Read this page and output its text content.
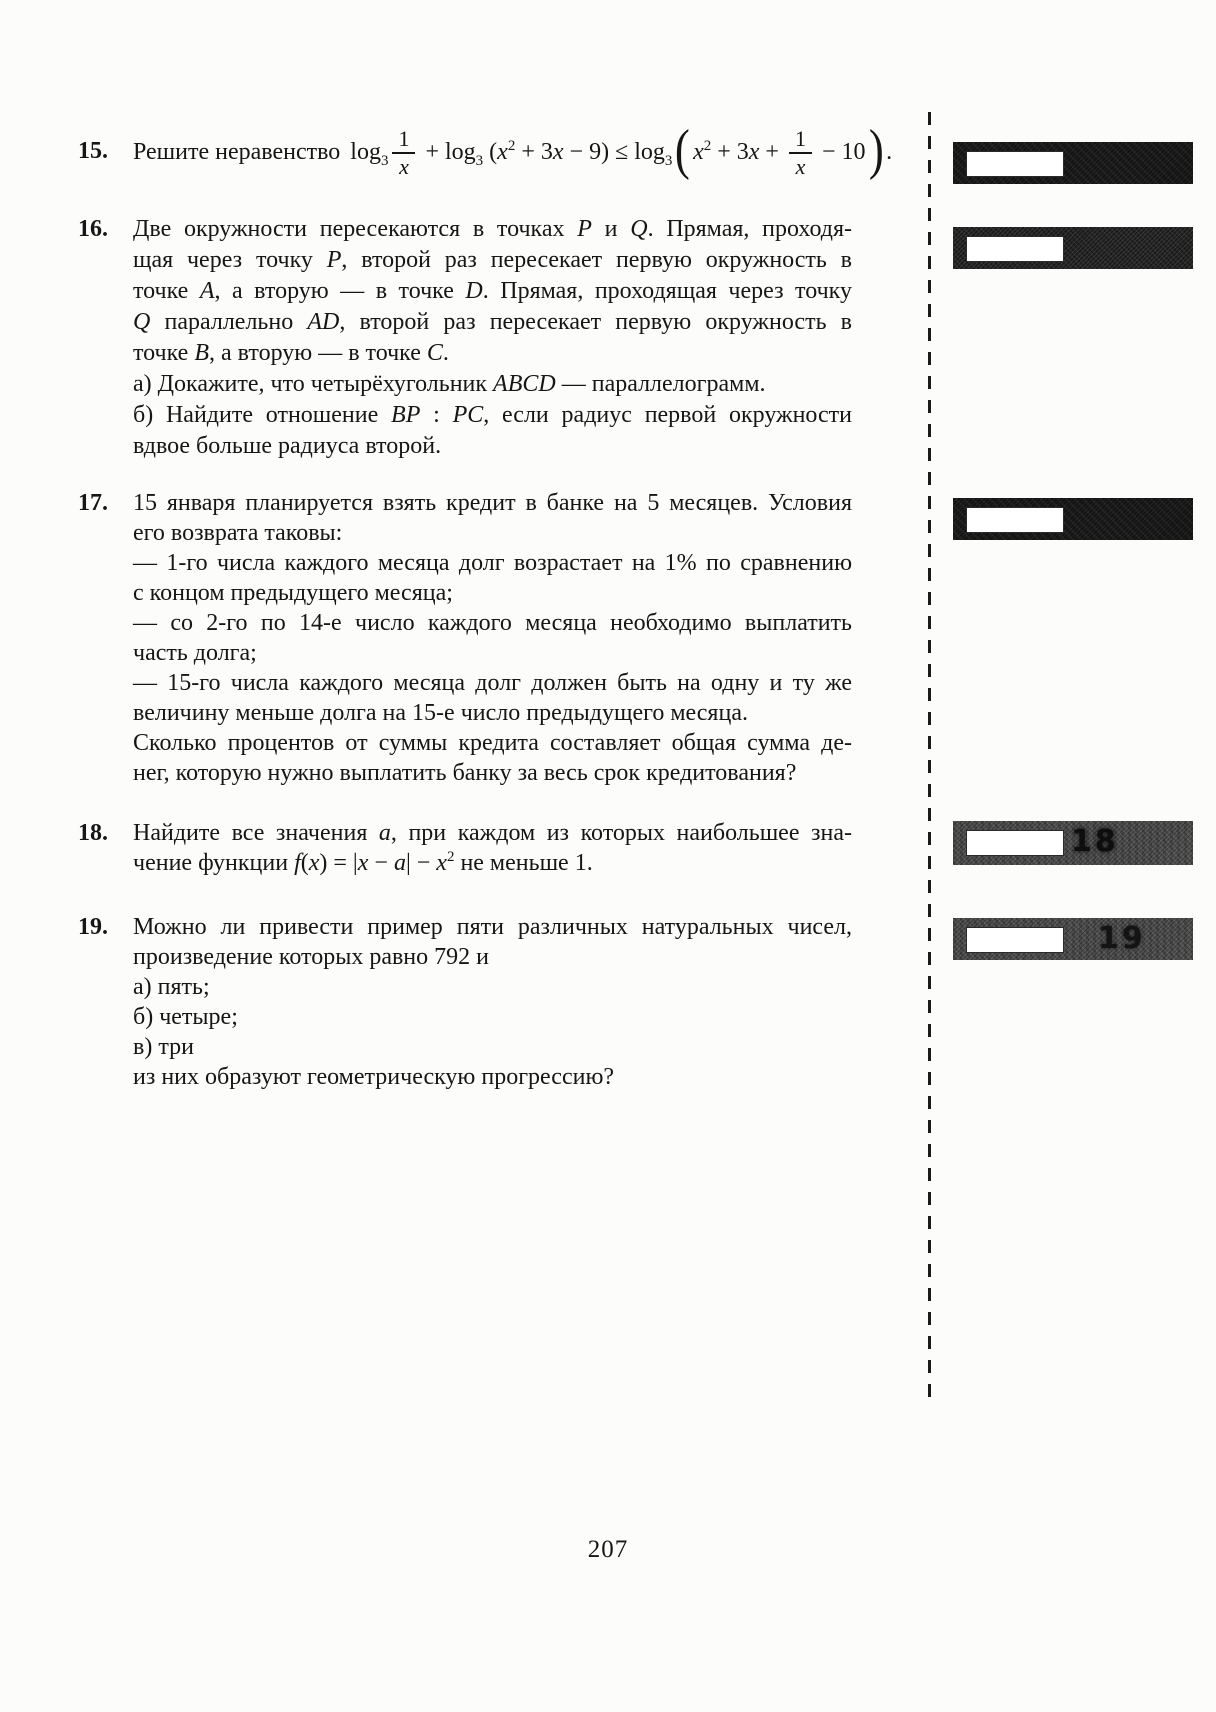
15.	Решите неравенство $\log_3 \frac{1}{x} + \log_3 (x^2 + 3x - 9) \le \log_3$( $x^2 + 3x + \frac{1}{x} - 10$) .
16.	Две окружности пересекаются в точках P и Q. Прямая, проходя-
щая через точку P, второй раз пересекает первую окружность в
точке A, а вторую — в точке D. Прямая, проходящая через точку
Q параллельно AD, второй раз пересекает первую окружность в
точке B, а вторую — в точке C.
а) Докажите, что четырёхугольник ABCD — параллелограмм.
б) Найдите отношение BP : PC, если радиус первой окружности
вдвое больше радиуса второй.
17.	15 января планируется взять кредит в банке на 5 месяцев. Условия
его возврата таковы:
— 1-го числа каждого месяца долг возрастает на 1% по сравнению
с концом предыдущего месяца;
— со 2-го по 14-е число каждого месяца необходимо выплатить
часть долга;
— 15-го числа каждого месяца долг должен быть на одну и ту же
величину меньше долга на 15-е число предыдущего месяца.
Сколько процентов от суммы кредита составляет общая сумма де-
нег, которую нужно выплатить банку за весь срок кредитования?
18.	Найдите все значения a, при каждом из которых наибольшее зна-
чение функции $f(x) = |x - a| - x^2$ не меньше 1.
19.	Можно ли привести пример пяти различных натуральных чисел,
произведение которых равно 792 и
а) пять;
б) четыре;
в) три
из них образуют геометрическую прогрессию?
18
19
207
